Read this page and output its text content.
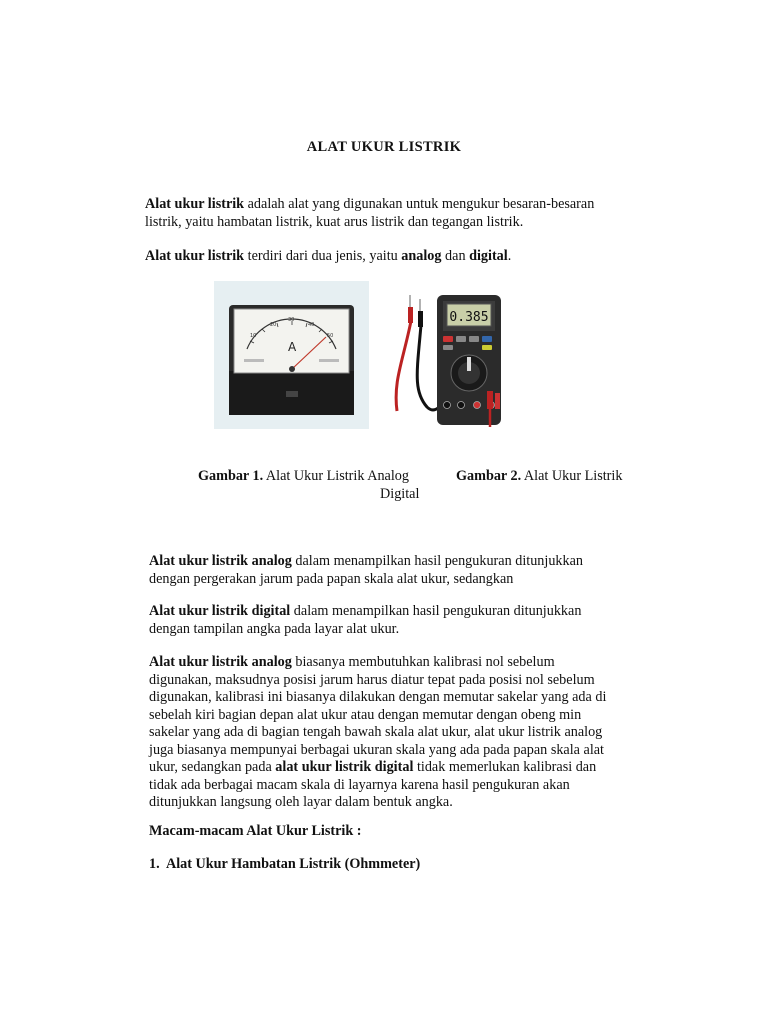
ALAT UKUR LISTRIK
Alat ukur listrik adalah alat yang digunakan untuk mengukur besaran-besaran
listrik, yaitu hambatan listrik, kuat arus listrik dan tegangan listrik.
Alat ukur listrik terdiri dari dua jenis, yaitu analog dan digital.
10
20
30
40
50
A
0.385
Gambar 1. Alat Ukur Listrik Analog
Digital
Gambar 2. Alat Ukur Listrik
Alat ukur listrik analog dalam menampilkan hasil pengukuran ditunjukkan
dengan pergerakan jarum pada papan skala alat ukur, sedangkan
Alat ukur listrik digital dalam menampilkan hasil pengukuran ditunjukkan
dengan tampilan angka pada layar alat ukur.
Alat ukur listrik analog biasanya membutuhkan kalibrasi nol sebelum
digunakan, maksudnya posisi jarum harus diatur tepat pada posisi nol sebelum
digunakan, kalibrasi ini biasanya dilakukan dengan memutar sakelar yang ada di
sebelah kiri bagian depan alat ukur atau dengan memutar dengan obeng min
sakelar yang ada di bagian tengah bawah skala alat ukur, alat ukur listrik analog
juga biasanya mempunyai berbagai ukuran skala yang ada pada papan skala alat
ukur, sedangkan pada alat ukur listrik digital tidak memerlukan kalibrasi dan
tidak ada berbagai macam skala di layarnya karena hasil pengukuran akan
ditunjukkan langsung oleh layar dalam bentuk angka.
Macam-macam Alat Ukur Listrik :
1.  Alat Ukur Hambatan Listrik (Ohmmeter)
